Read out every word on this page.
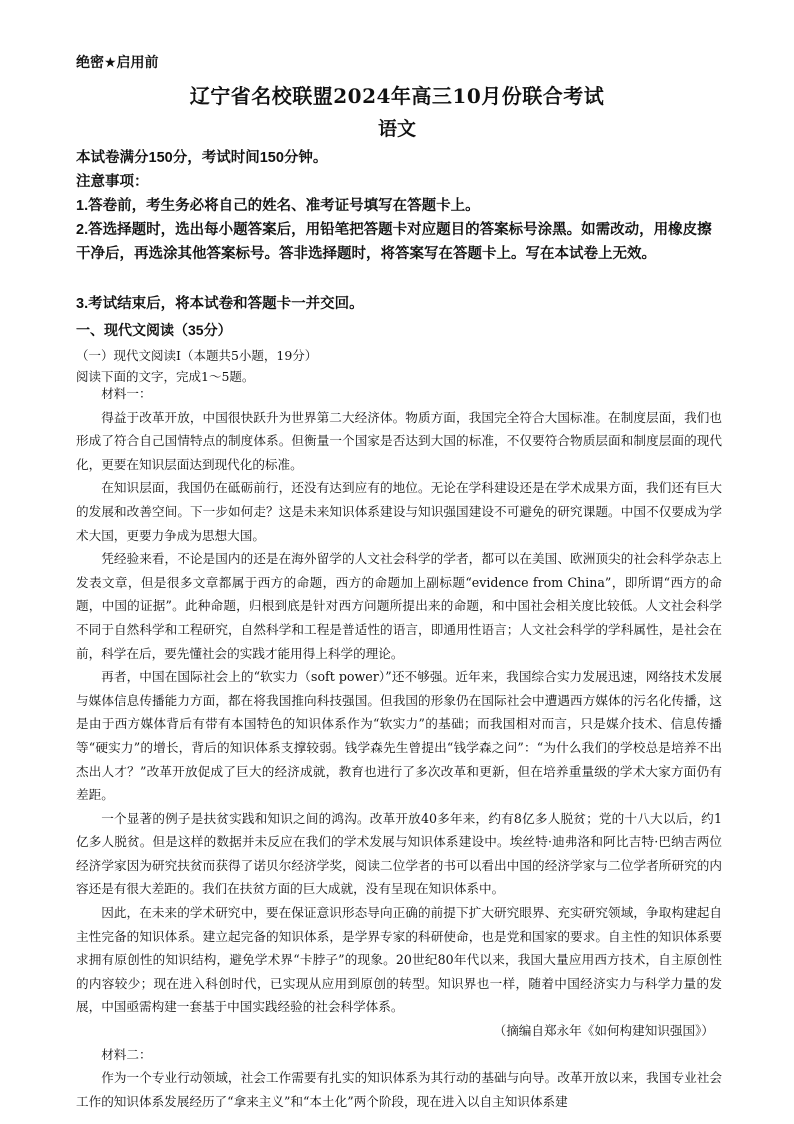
绝密★启用前
辽宁省名校联盟2024年高三10月份联合考试
语文
本试卷满分150分，考试时间150分钟。
注意事项：
1.答卷前，考生务必将自己的姓名、准考证号填写在答题卡上。
2.答选择题时，选出每小题答案后，用铅笔把答题卡对应题目的答案标号涂黑。如需改动，用橡皮擦干净后，再选涂其他答案标号。答非选择题时，将答案写在答题卡上。写在本试卷上无效。
3.考试结束后，将本试卷和答题卡一并交回。
一、现代文阅读（35分）
（一）现代文阅读Ⅰ（本题共5小题，19分）
阅读下面的文字，完成1～5题。

材料一：

得益于改革开放，中国很快跃升为世界第二大经济体。物质方面，我国完全符合大国标准。在制度层面，我们也形成了符合自己国情特点的制度体系。但衡量一个国家是否达到大国的标准，不仅要符合物质层面和制度层面的现代化，更要在知识层面达到现代化的标准。

在知识层面，我国仍在砥砺前行，还没有达到应有的地位。无论在学科建设还是在学术成果方面，我们还有巨大的发展和改善空间。下一步如何走？这是未来知识体系建设与知识强国建设不可避免的研究课题。中国不仅要成为学术大国，更要力争成为思想大国。

凭经验来看，不论是国内的还是在海外留学的人文社会科学的学者，都可以在美国、欧洲顶尖的社会科学杂志上发表文章，但是很多文章都属于西方的命题，西方的命题加上副标题“evidence from China”，即所谓“西方的命题，中国的证据”。此种命题，归根到底是针对西方问题所提出来的命题，和中国社会相关度比较低。人文社会科学不同于自然科学和工程研究，自然科学和工程是普适性的语言，即通用性语言；人文社会科学的学科属性，是社会在前，科学在后，要先懂社会的实践才能用得上科学的理论。

再者，中国在国际社会上的“软实力（soft power）”还不够强。近年来，我国综合实力发展迅速，网络技术发展与媒体信息传播能力方面，都在将我国推向科技强国。但我国的形象仍在国际社会中遭遇西方媒体的污名化传播，这是由于西方媒体背后有带有本国特色的知识体系作为“软实力”的基础；而我国相对而言，只是媒介技术、信息传播等“硬实力”的增长，背后的知识体系支撑较弱。钱学森先生曾提出“钱学森之问”：“为什么我们的学校总是培养不出杰出人才？”改革开放促成了巨大的经济成就，教育也进行了多次改革和更新，但在培养重量级的学术大家方面仍有差距。

一个显著的例子是扶贫实践和知识之间的鸿沟。改革开放40多年来，约有8亿多人脱贫；党的十八大以后，约1亿多人脱贫。但是这样的数据并未反应在我们的学术发展与知识体系建设中。埃丝特·迪弗洛和阿比吉特·巴纳吉两位经济学家因为研究扶贫而获得了诺贝尔经济学奖，阅读二位学者的书可以看出中国的经济学家与二位学者所研究的内容还是有很大差距的。我们在扶贫方面的巨大成就，没有呈现在知识体系中。

因此，在未来的学术研究中，要在保证意识形态导向正确的前提下扩大研究眼界、充实研究领域，争取构建起自主性完备的知识体系。建立起完备的知识体系，是学界专家的科研使命，也是党和国家的要求。自主性的知识体系要求拥有原创性的知识结构，避免学术界“卡脖子”的现象。20世纪80年代以来，我国大量应用西方技术，自主原创性的内容较少；现在进入科创时代，已实现从应用到原创的转型。知识界也一样，随着中国经济实力与科学力量的发展，中国亟需构建一套基于中国实践经验的社会科学体系。

（摘编自郑永年《如何构建知识强国》）

材料二：

作为一个专业行动领域，社会工作需要有扎实的知识体系为其行动的基础与向导。改革开放以来，我国专业社会工作的知识体系发展经历了“拿来主义”和“本土化”两个阶段，现在进入以自主知识体系建
